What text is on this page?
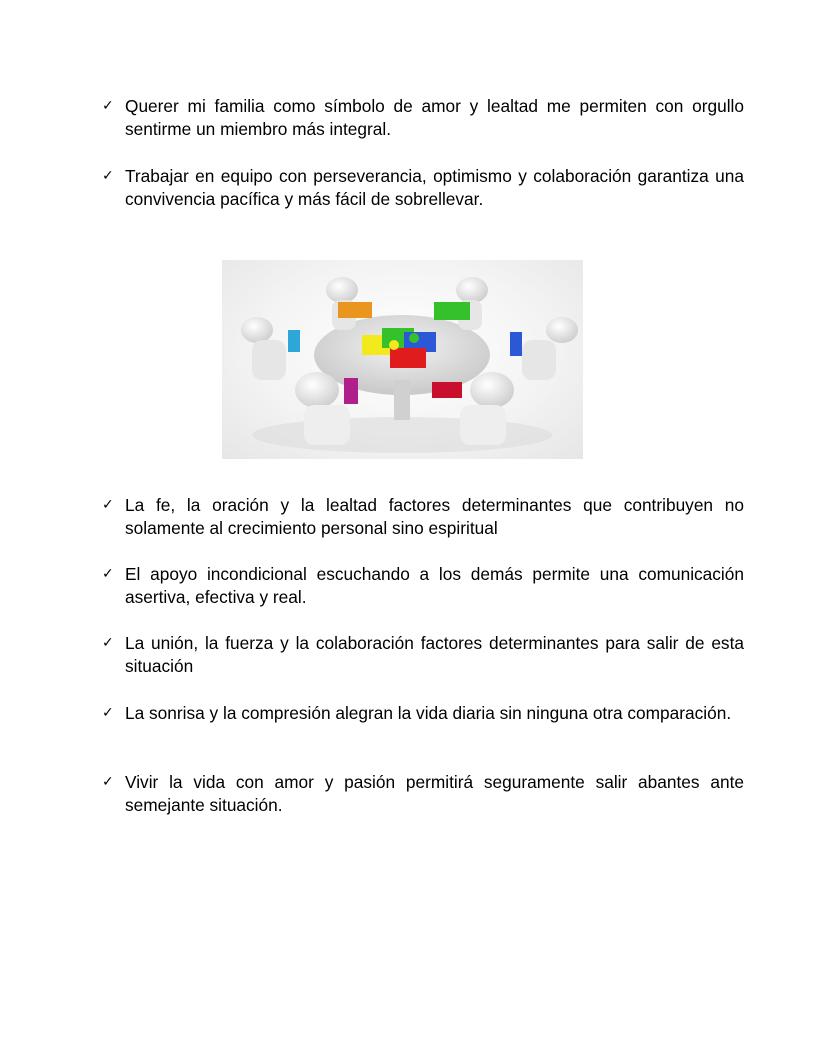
✓ Querer mi familia como símbolo de amor y lealtad me permiten con orgullo sentirme un miembro más integral.
✓ Trabajar en equipo con perseverancia, optimismo y colaboración garantiza una convivencia pacífica y más fácil de sobrellevar.
✓ La fe, la oración y la lealtad factores determinantes que contribuyen no solamente al crecimiento personal sino espiritual
✓ El apoyo incondicional escuchando a los demás permite una comunicación asertiva, efectiva y real.
✓ La unión, la fuerza y la colaboración factores determinantes para salir de esta situación
✓ La sonrisa y la compresión alegran la vida diaria sin ninguna otra comparación.
✓ Vivir la vida con amor y pasión permitirá seguramente salir abantes ante semejante situación.
